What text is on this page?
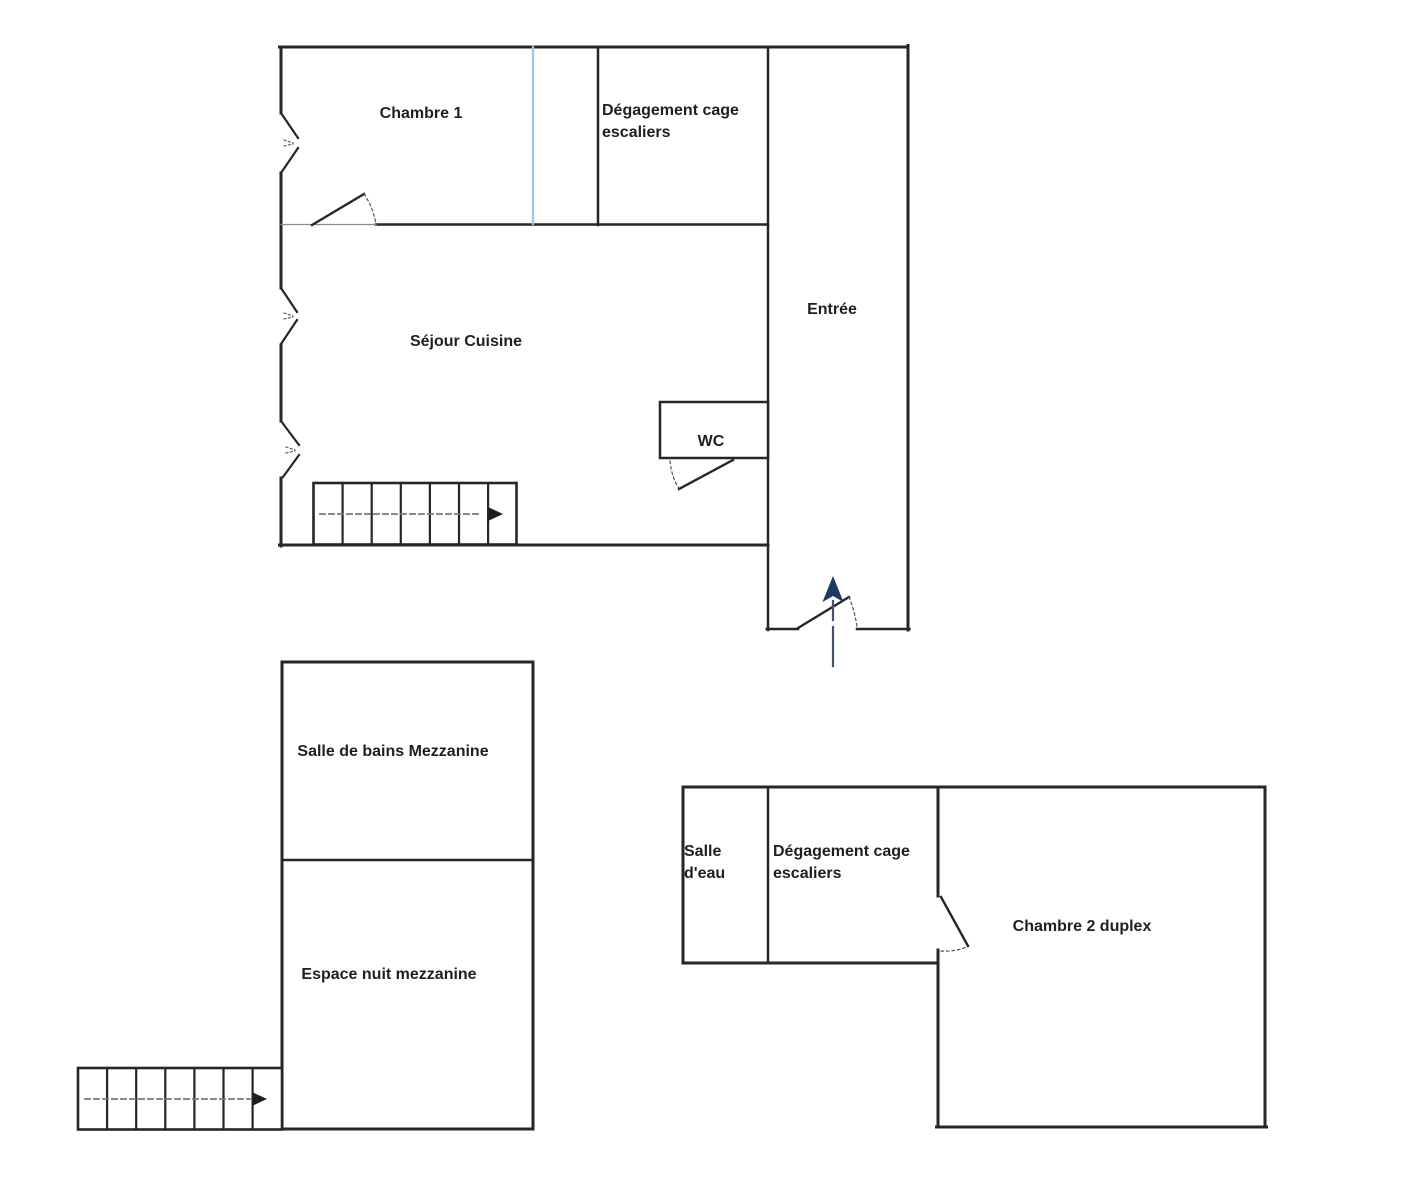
Chambre 1	Dégagement cage escaliers
Entrée
Séjour Cuisine
WC
Salle de bains Mezzanine
Espace nuit mezzanine
Salle d'eau
Dégagement cage escaliers
Chambre 2 duplex
